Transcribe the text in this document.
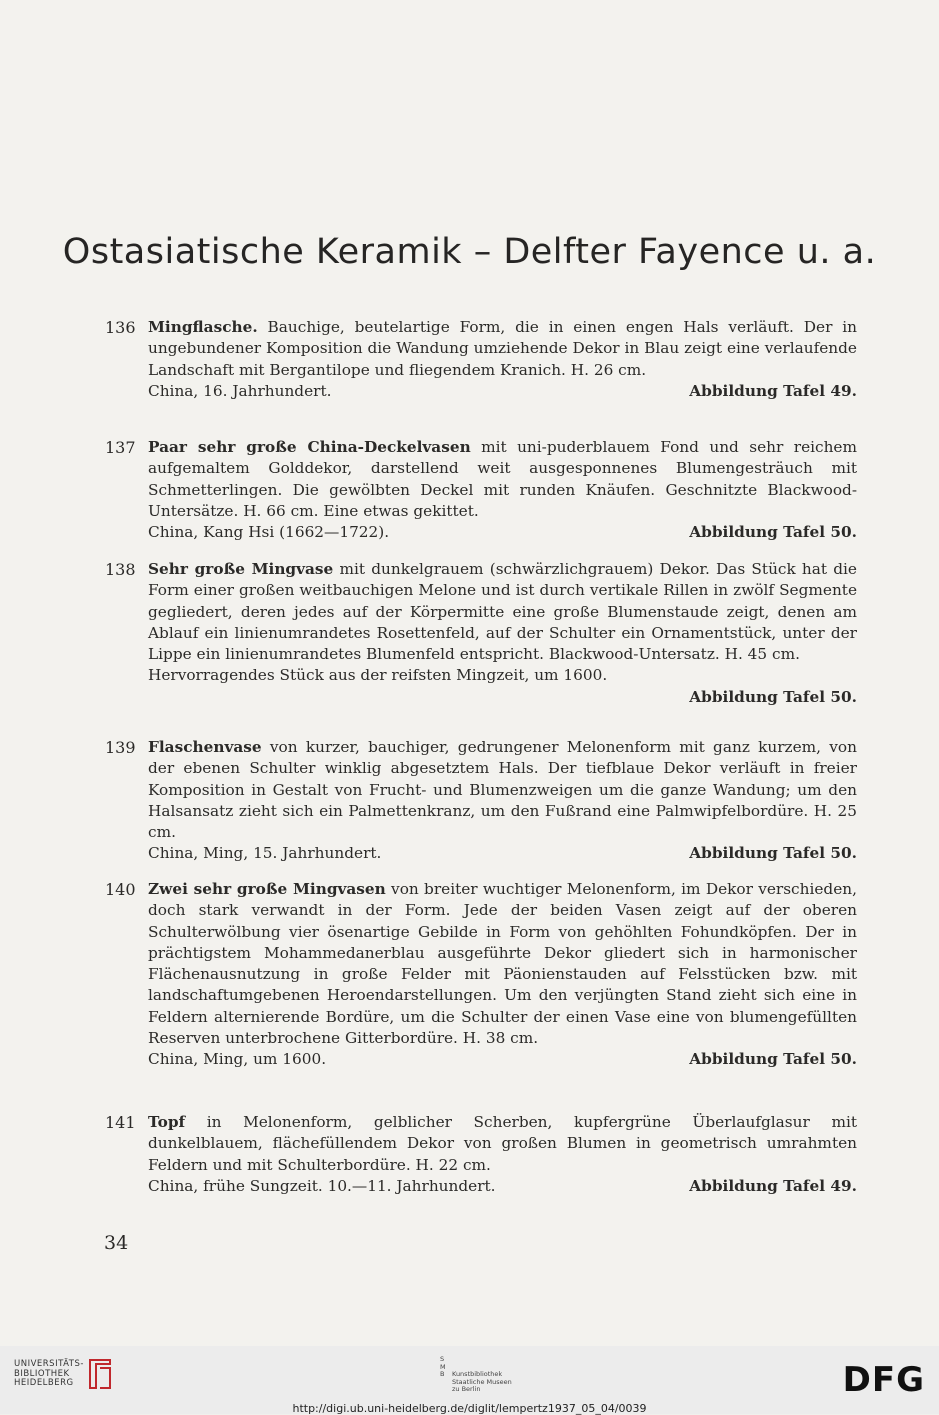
Ostasiatische Keramik – Delfter Fayence u. a.
136 Mingflasche. Bauchige, beutelartige Form, die in einen engen Hals verläuft. Der in ungebundener Komposition die Wandung umziehende Dekor in Blau zeigt eine verlaufende Landschaft mit Bergantilope und fliegendem Kranich. H. 26 cm.
China, 16. Jahrhundert.	Abbildung Tafel 49.
137 Paar sehr große China-Deckelvasen mit uni-puderblauem Fond und sehr reichem aufgemaltem Golddekor, darstellend weit ausgesponnenes Blumengesträuch mit Schmetterlingen. Die gewölbten Deckel mit runden Knäufen. Geschnitzte Blackwood-Untersätze. H. 66 cm. Eine etwas gekittet.
China, Kang Hsi (1662—1722).	Abbildung Tafel 50.
138 Sehr große Mingvase mit dunkelgrauem (schwärzlichgrauem) Dekor. Das Stück hat die Form einer großen weitbauchigen Melone und ist durch vertikale Rillen in zwölf Segmente gegliedert, deren jedes auf der Körpermitte eine große Blumenstaude zeigt, denen am Ablauf ein linienumrandetes Rosettenfeld, auf der Schulter ein Ornamentstück, unter der Lippe ein linienumrandetes Blumenfeld entspricht. Blackwood-Untersatz. H. 45 cm.
Hervorragendes Stück aus der reifsten Mingzeit, um 1600.
Abbildung Tafel 50.
139 Flaschenvase von kurzer, bauchiger, gedrungener Melonenform mit ganz kurzem, von der ebenen Schulter winklig abgesetztem Hals. Der tiefblaue Dekor verläuft in freier Komposition in Gestalt von Frucht- und Blumenzweigen um die ganze Wandung; um den Halsansatz zieht sich ein Palmettenkranz, um den Fußrand eine Palmwipfelbordüre. H. 25 cm.
China, Ming, 15. Jahrhundert.	Abbildung Tafel 50.
140 Zwei sehr große Mingvasen von breiter wuchtiger Melonenform, im Dekor verschieden, doch stark verwandt in der Form. Jede der beiden Vasen zeigt auf der oberen Schulterwölbung vier ösenartige Gebilde in Form von gehöhlten Fohundköpfen. Der in prächtigstem Mohammedanerblau ausgeführte Dekor gliedert sich in harmonischer Flächenausnutzung in große Felder mit Päonienstauden auf Felsstücken bzw. mit landschaftumgebenen Heroendarstellungen. Um den verjüngten Stand zieht sich eine in Feldern alternierende Bordüre, um die Schulter der einen Vase eine von blumengefüllten Reserven unterbrochene Gitterbordüre. H. 38 cm.
China, Ming, um 1600.	Abbildung Tafel 50.
141 Topf in Melonenform, gelblicher Scherben, kupfergrüne Überlaufglasur mit dunkelblauem, flächefüllendem Dekor von großen Blumen in geometrisch umrahmten Feldern und mit Schulterbordüre. H. 22 cm.
China, frühe Sungzeit. 10.—11. Jahrhundert.	Abbildung Tafel 49.
34
UNIVERSITÄTS-
BIBLIOTHEK
HEIDELBERG
S
M
B Kunstbibliothek
Staatliche Museen
zu Berlin	DFG
http://digi.ub.uni-heidelberg.de/diglit/lempertz1937_05_04/0039
